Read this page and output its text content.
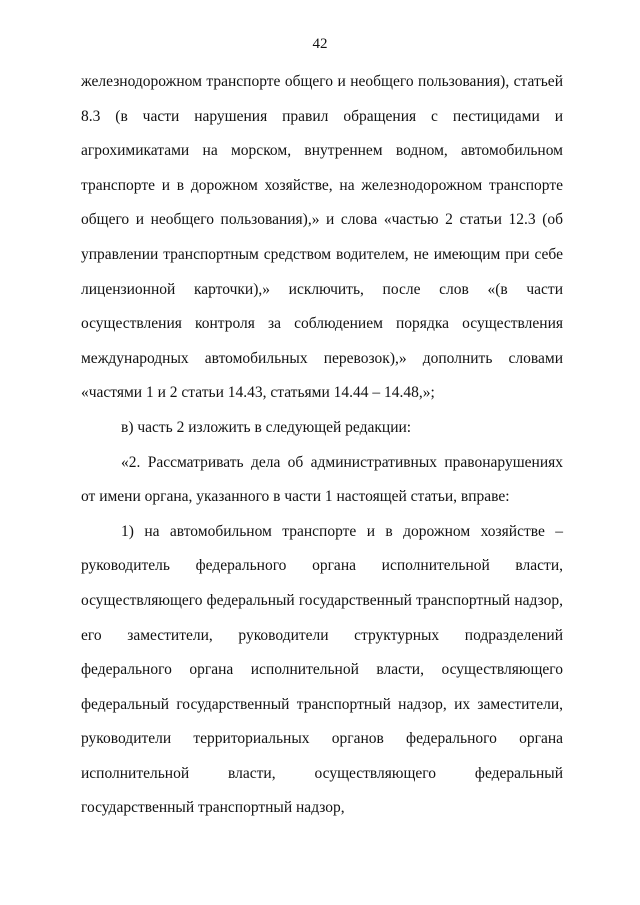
42

железнодорожном транспорте общего и необщего пользования), статьей 8.3 (в части нарушения правил обращения с пестицидами и агрохимикатами на морском, внутреннем водном, автомобильном транспорте и в дорожном хозяйстве, на железнодорожном транспорте общего и необщего пользования),» и слова «частью 2 статьи 12.3 (об управлении транспортным средством водителем, не имеющим при себе лицензионной карточки),» исключить, после слов «(в части осуществления контроля за соблюдением порядка осуществления международных автомобильных перевозок),» дополнить словами «частями 1 и 2 статьи 14.43, статьями 14.44 – 14.48,»;

в) часть 2 изложить в следующей редакции:

«2. Рассматривать дела об административных правонарушениях от имени органа, указанного в части 1 настоящей статьи, вправе:

1) на автомобильном транспорте и в дорожном хозяйстве – руководитель федерального органа исполнительной власти, осуществляющего федеральный государственный транспортный надзор, его заместители, руководители структурных подразделений федерального органа исполнительной власти, осуществляющего федеральный государственный транспортный надзор, их заместители, руководители территориальных органов федерального органа исполнительной власти, осуществляющего федеральный государственный транспортный надзор,
